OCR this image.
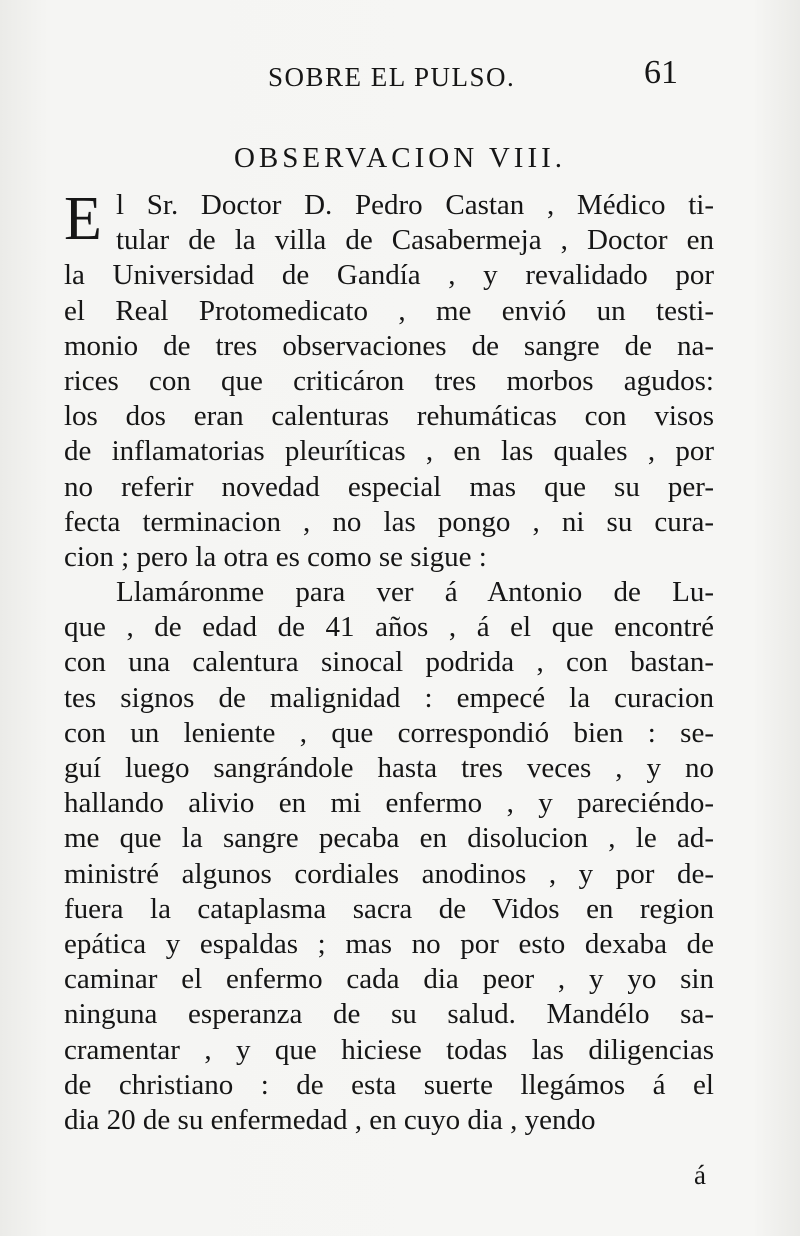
SOBRE EL PULSO.	61
OBSERVACION VIII.
E l Sr. Doctor D. Pedro Castan , Médico ti-
tular de la villa de Casabermeja , Doctor en
la Universidad de Gandía , y revalidado por
el Real Protomedicato , me envió un testi-
monio de tres observaciones de sangre de na-
rices con que criticáron tres morbos agudos:
los dos eran calenturas rehumáticas con visos
de inflamatorias pleuríticas , en las quales , por
no referir novedad especial mas que su per-
fecta terminacion , no las pongo , ni su cura-
cion ; pero la otra es como se sigue :
Llamáronme para ver á Antonio de Lu-
que , de edad de 41 años , á el que encontré
con una calentura sinocal podrida , con bastan-
tes signos de malignidad : empecé la curacion
con un leniente , que correspondió bien : se-
guí luego sangrándole hasta tres veces , y no
hallando alivio en mi enfermo , y pareciéndo-
me que la sangre pecaba en disolucion , le ad-
ministré algunos cordiales anodinos , y por de-
fuera la cataplasma sacra de Vidos en region
epática y espaldas ; mas no por esto dexaba de
caminar el enfermo cada dia peor , y yo sin
ninguna esperanza de su salud. Mandélo sa-
cramentar , y que hiciese todas las diligencias
de christiano : de esta suerte llegámos á el
dia 20 de su enfermedad , en cuyo dia , yendo
á
